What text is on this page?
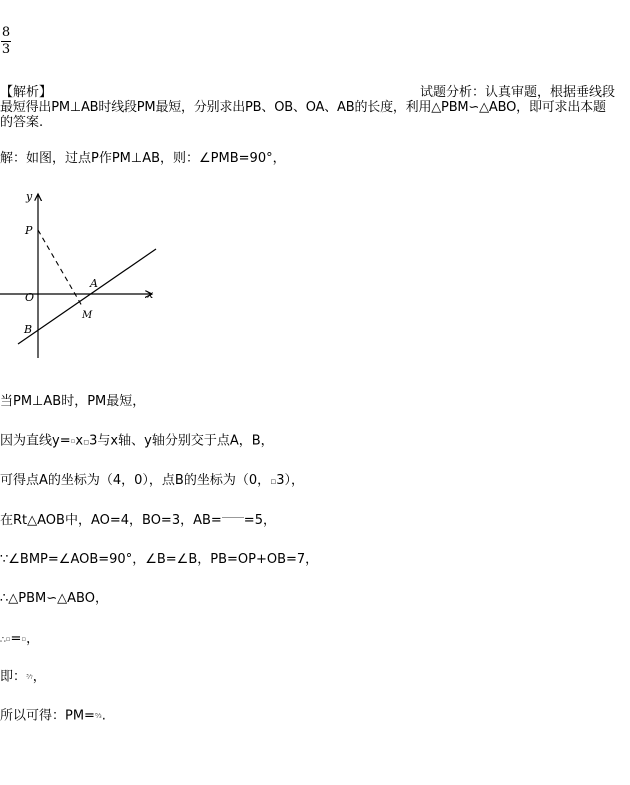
8
3
【解析】	试题分析：认真审题，根据垂线段
最短得出PM⊥AB时线段PM最短，分别求出PB、OB、OA、AB的长度，利用△PBM∽△ABO，即可求出本题
的答案.
解：如图，过点P作PM⊥AB，则：∠PMB=90°，
y
x
P
O
A
B
M
当PM⊥AB时，PM最短，
因为直线y=▫x▫3与x轴、y轴分别交于点A，B，
可得点A的坐标为（4，0），点B的坐标为（0，▫3），
在Rt△AOB中，AO=4，BO=3，AB= =5，
∵∠BMP=∠AOB=90°，∠B=∠B，PB=OP+OB=7，
∴△PBM∽△ABO，
∴▫=▫，
即：³⁄₇，
所以可得：PM=⁸⁄₃.
